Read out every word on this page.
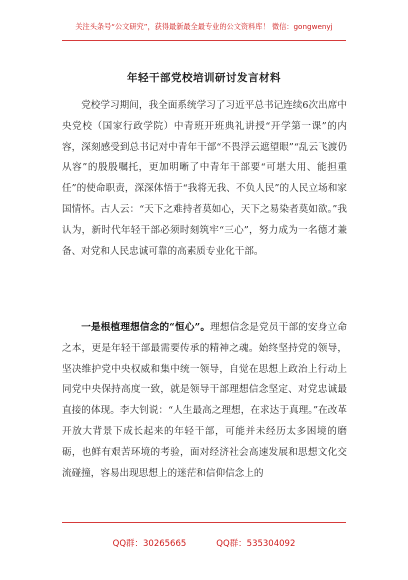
关注头条号“公文研究”，获得最新最全最专业的公文资料库！ 微信：gongwenyj
年轻干部党校培训研讨发言材料

党校学习期间，我全面系统学习了习近平总书记连续6次出席中央党校（国家行政学院）中青班开班典礼讲授“开学第一课”的内容，深刻感受到总书记对中青年干部“不畏浮云遮望眼”“乱云飞渡仍从容”的殷殷嘱托，更加明晰了中青年干部要“可堪大用、能担重任”的使命职责，深深体悟于“我将无我、不负人民”的人民立场和家国情怀。古人云：“天下之难持者莫如心，天下之易染者莫如欲。”我认为，新时代年轻干部必须时刻筑牢“三心”，努力成为一名德才兼备、对党和人民忠诚可靠的高素质专业化干部。

一是根植理想信念的“恒心”。理想信念是党员干部的安身立命之本，更是年轻干部最需要传承的精神之魂。始终坚持党的领导，坚决维护党中央权威和集中统一领导，自觉在思想上政治上行动上同党中央保持高度一致，就是领导干部理想信念坚定、对党忠诚最直接的体现。李大钊说：“人生最高之理想，在求达于真理。”在改革开放大背景下成长起来的年轻干部，可能并未经历太多困境的磨砺，也鲜有艰苦环境的考验，面对经济社会高速发展和思想文化交流碰撞，容易出现思想上的迷茫和信仰信念上的

QQ群：30265665	QQ群：535304092
